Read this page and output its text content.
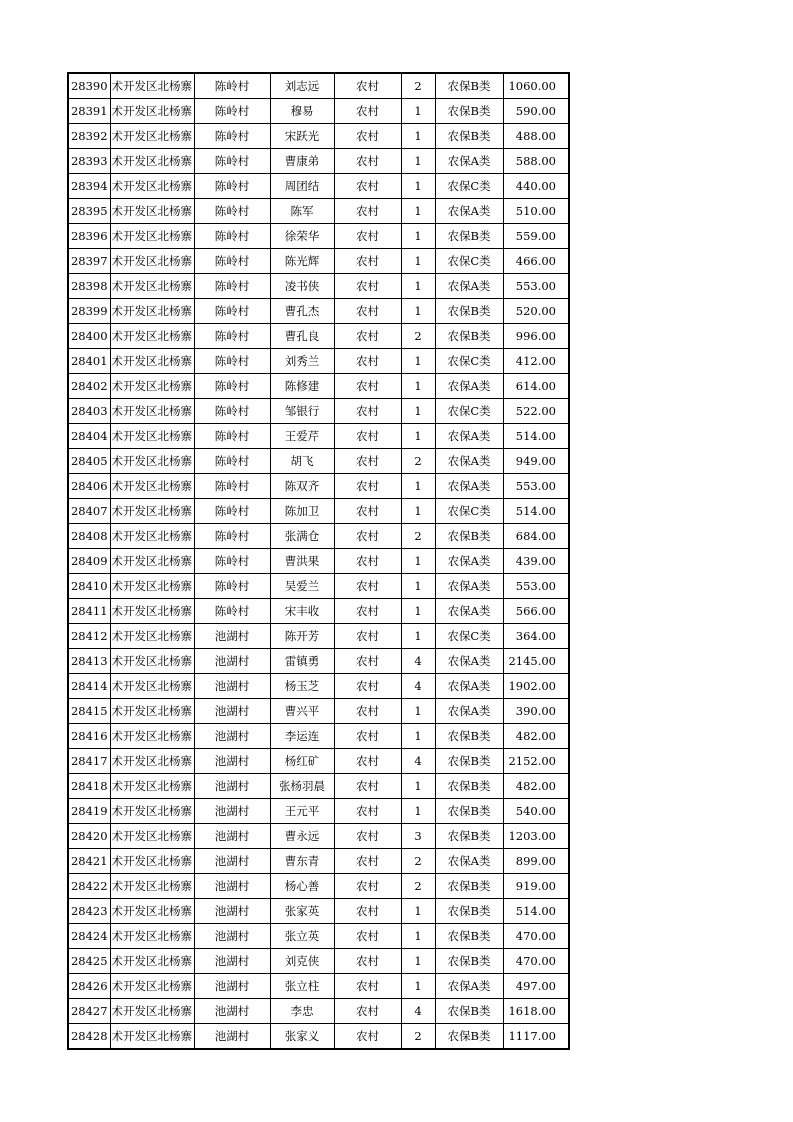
28390	术开发区北杨寨	陈岭村	刘志远	农村	2	农保B类	1060.00
28391	术开发区北杨寨	陈岭村	穆易	农村	1	农保B类	590.00
28392	术开发区北杨寨	陈岭村	宋跃光	农村	1	农保B类	488.00
28393	术开发区北杨寨	陈岭村	曹康弟	农村	1	农保A类	588.00
28394	术开发区北杨寨	陈岭村	周团结	农村	1	农保C类	440.00
28395	术开发区北杨寨	陈岭村	陈军	农村	1	农保A类	510.00
28396	术开发区北杨寨	陈岭村	徐荣华	农村	1	农保B类	559.00
28397	术开发区北杨寨	陈岭村	陈光辉	农村	1	农保C类	466.00
28398	术开发区北杨寨	陈岭村	凌书侠	农村	1	农保A类	553.00
28399	术开发区北杨寨	陈岭村	曹孔杰	农村	1	农保B类	520.00
28400	术开发区北杨寨	陈岭村	曹孔良	农村	2	农保B类	996.00
28401	术开发区北杨寨	陈岭村	刘秀兰	农村	1	农保C类	412.00
28402	术开发区北杨寨	陈岭村	陈修建	农村	1	农保A类	614.00
28403	术开发区北杨寨	陈岭村	邹银行	农村	1	农保C类	522.00
28404	术开发区北杨寨	陈岭村	王爱芹	农村	1	农保A类	514.00
28405	术开发区北杨寨	陈岭村	胡飞	农村	2	农保A类	949.00
28406	术开发区北杨寨	陈岭村	陈双齐	农村	1	农保A类	553.00
28407	术开发区北杨寨	陈岭村	陈加卫	农村	1	农保C类	514.00
28408	术开发区北杨寨	陈岭村	张满仓	农村	2	农保B类	684.00
28409	术开发区北杨寨	陈岭村	曹洪果	农村	1	农保A类	439.00
28410	术开发区北杨寨	陈岭村	吴爱兰	农村	1	农保A类	553.00
28411	术开发区北杨寨	陈岭村	宋丰收	农村	1	农保A类	566.00
28412	术开发区北杨寨	池湖村	陈开芳	农村	1	农保C类	364.00
28413	术开发区北杨寨	池湖村	雷镇勇	农村	4	农保A类	2145.00
28414	术开发区北杨寨	池湖村	杨玉芝	农村	4	农保A类	1902.00
28415	术开发区北杨寨	池湖村	曹兴平	农村	1	农保A类	390.00
28416	术开发区北杨寨	池湖村	李运连	农村	1	农保B类	482.00
28417	术开发区北杨寨	池湖村	杨红矿	农村	4	农保B类	2152.00
28418	术开发区北杨寨	池湖村	张杨羽晨	农村	1	农保B类	482.00
28419	术开发区北杨寨	池湖村	王元平	农村	1	农保B类	540.00
28420	术开发区北杨寨	池湖村	曹永远	农村	3	农保B类	1203.00
28421	术开发区北杨寨	池湖村	曹东青	农村	2	农保A类	899.00
28422	术开发区北杨寨	池湖村	杨心善	农村	2	农保B类	919.00
28423	术开发区北杨寨	池湖村	张家英	农村	1	农保B类	514.00
28424	术开发区北杨寨	池湖村	张立英	农村	1	农保B类	470.00
28425	术开发区北杨寨	池湖村	刘克侠	农村	1	农保B类	470.00
28426	术开发区北杨寨	池湖村	张立柱	农村	1	农保A类	497.00
28427	术开发区北杨寨	池湖村	李忠	农村	4	农保B类	1618.00
28428	术开发区北杨寨	池湖村	张家义	农村	2	农保B类	1117.00
